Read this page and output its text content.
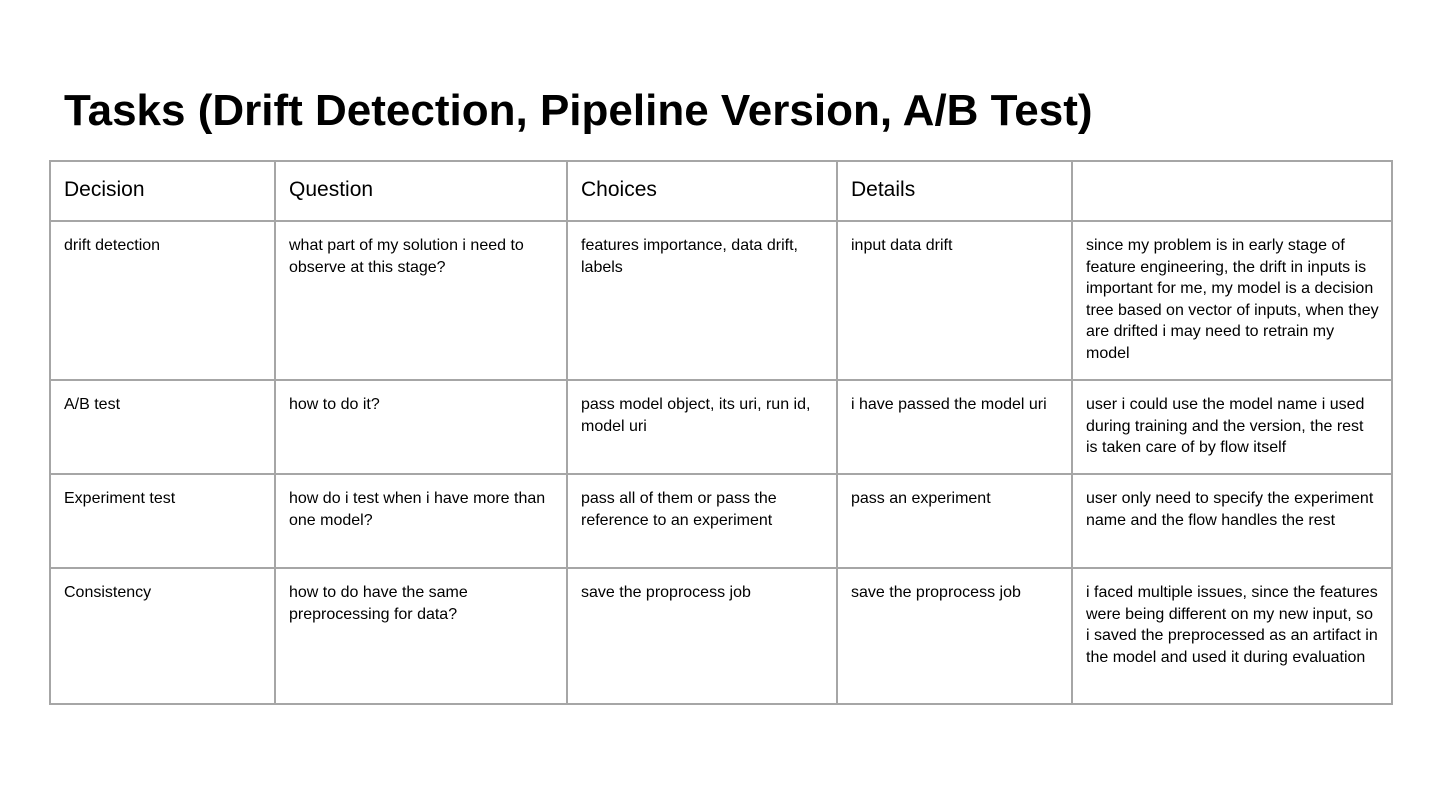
Tasks (Drift Detection, Pipeline Version, A/B Test)
Decision	Question	Choices	Details	
drift detection	what part of my solution i need to observe at this stage?	features importance, data drift, labels	input data drift	since my problem is in early stage of feature engineering, the drift in inputs is important for me, my model is a decision tree based on vector of inputs, when they are drifted i may need to retrain my model
A/B test	how to do it?	pass model object, its uri, run id, model uri	i have passed the model uri	user i could use the model name i used during training and the version, the rest is taken care of by flow itself
Experiment test	how do i test when i have more than one model?	pass all of them or pass the reference to an experiment	pass an experiment	user only need to specify the experiment name and the flow handles the rest
Consistency	how to do have the same preprocessing for data?	save the proprocess job	save the proprocess job	i faced multiple issues, since the features were being different on my new input, so i saved the preprocessed as an artifact in the model and used it during evaluation
